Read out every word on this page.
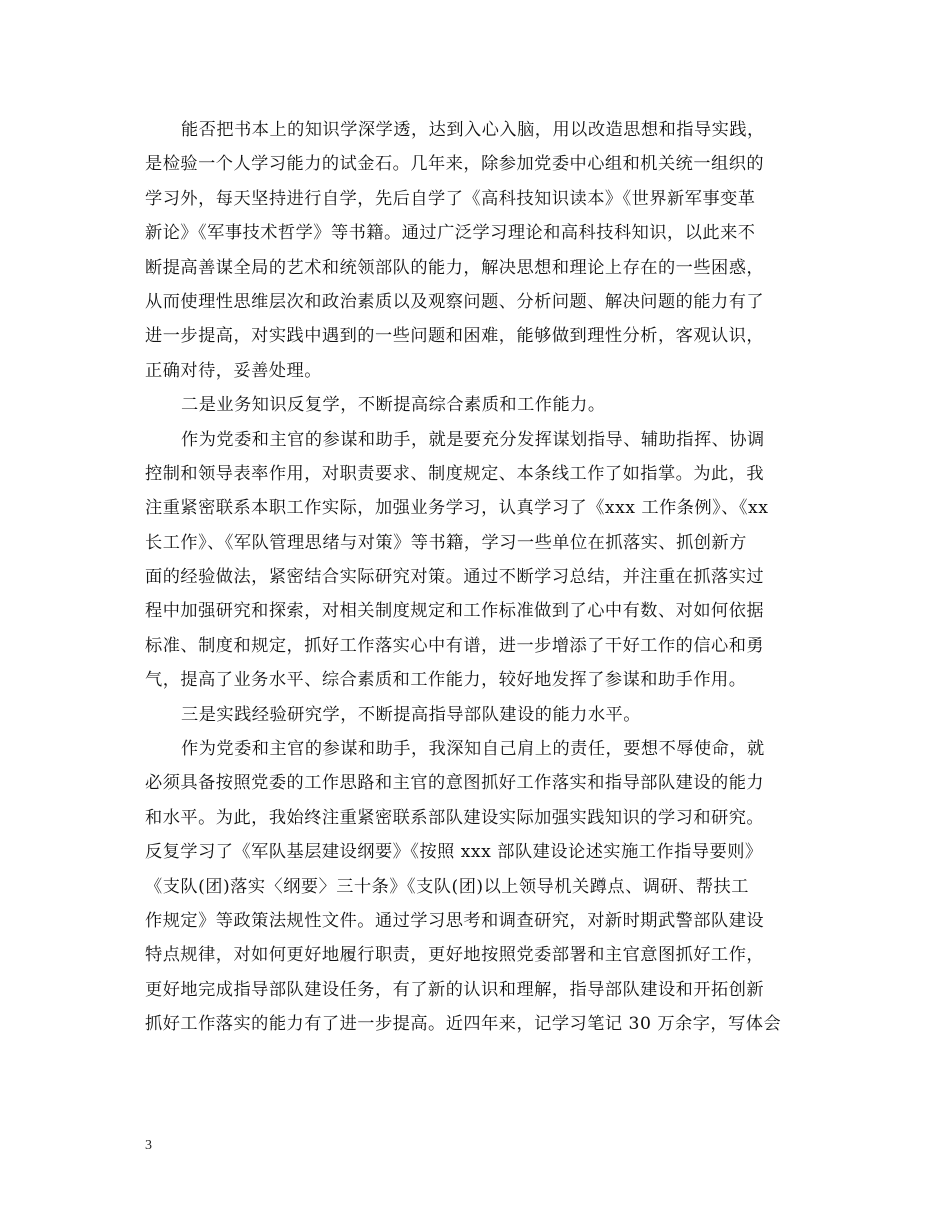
能否把书本上的知识学深学透，达到入心入脑，用以改造思想和指导实践，
是检验一个人学习能力的试金石。几年来，除参加党委中心组和机关统一组织的
学习外，每天坚持进行自学，先后自学了《高科技知识读本》《世界新军事变革
新论》《军事技术哲学》等书籍。通过广泛学习理论和高科技科知识，以此来不
断提高善谋全局的艺术和统领部队的能力，解决思想和理论上存在的一些困惑，
从而使理性思维层次和政治素质以及观察问题、分析问题、解决问题的能力有了
进一步提高，对实践中遇到的一些问题和困难，能够做到理性分析，客观认识，
正确对待，妥善处理。
二是业务知识反复学，不断提高综合素质和工作能力。
作为党委和主官的参谋和助手，就是要充分发挥谋划指导、辅助指挥、协调
控制和领导表率作用，对职责要求、制度规定、本条线工作了如指掌。为此，我
注重紧密联系本职工作实际，加强业务学习，认真学习了《xxx 工作条例》、《xx
长工作》、《军队管理思绪与对策》等书籍，学习一些单位在抓落实、抓创新方
面的经验做法，紧密结合实际研究对策。通过不断学习总结，并注重在抓落实过
程中加强研究和探索，对相关制度规定和工作标准做到了心中有数、对如何依据
标准、制度和规定，抓好工作落实心中有谱，进一步增添了干好工作的信心和勇
气，提高了业务水平、综合素质和工作能力，较好地发挥了参谋和助手作用。
三是实践经验研究学，不断提高指导部队建设的能力水平。
作为党委和主官的参谋和助手，我深知自己肩上的责任，要想不辱使命，就
必须具备按照党委的工作思路和主官的意图抓好工作落实和指导部队建设的能力
和水平。为此，我始终注重紧密联系部队建设实际加强实践知识的学习和研究。
反复学习了《军队基层建设纲要》《按照 xxx 部队建设论述实施工作指导要则》
《支队(团)落实〈纲要〉三十条》《支队(团)以上领导机关蹲点、调研、帮扶工
作规定》等政策法规性文件。通过学习思考和调查研究，对新时期武警部队建设
特点规律，对如何更好地履行职责，更好地按照党委部署和主官意图抓好工作，
更好地完成指导部队建设任务，有了新的认识和理解，指导部队建设和开拓创新
抓好工作落实的能力有了进一步提高。近四年来，记学习笔记 30 万余字，写体会
3
